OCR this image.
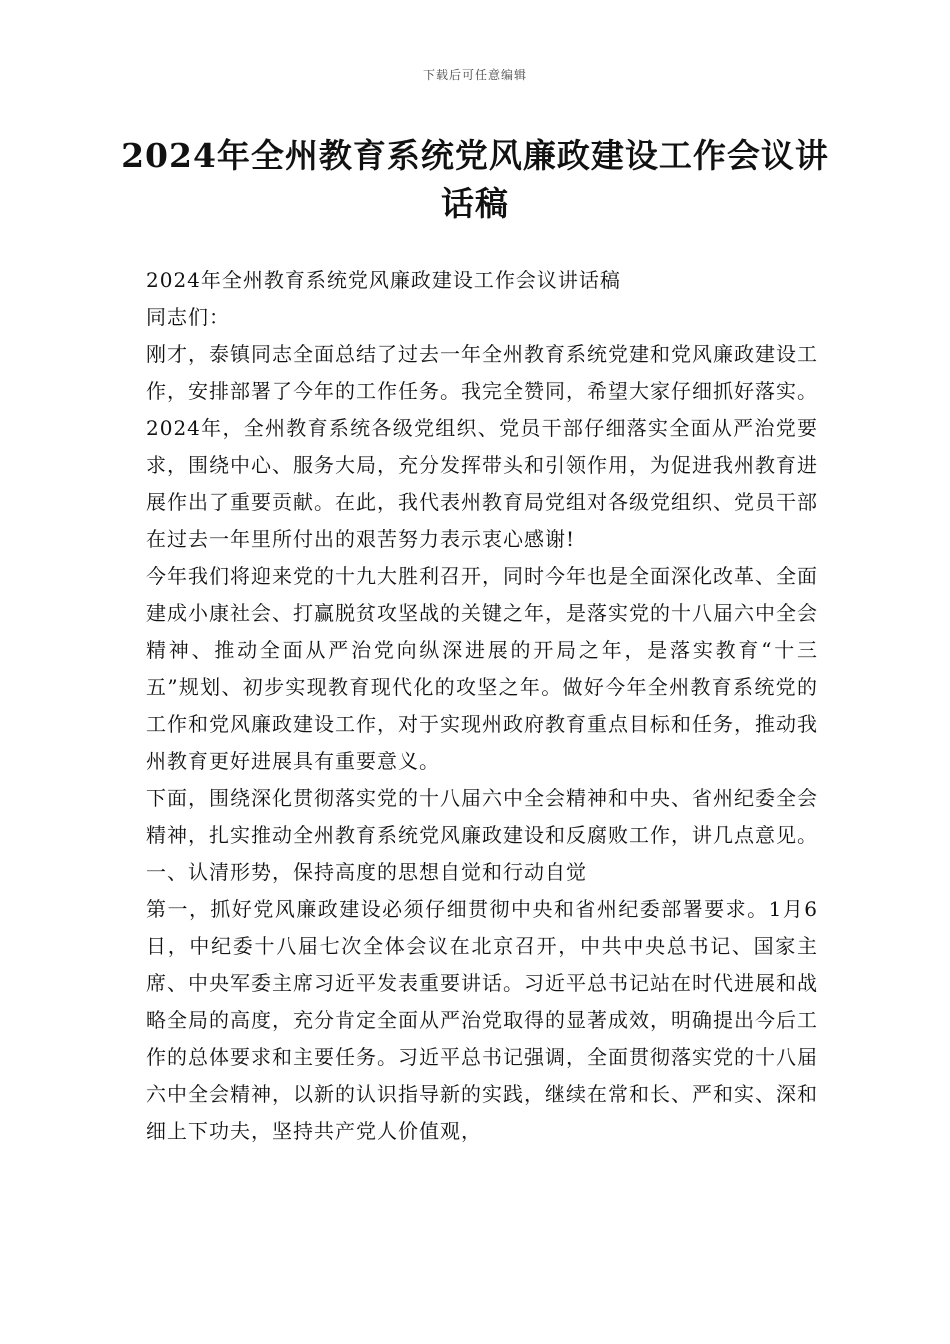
下载后可任意编辑
2024年全州教育系统党风廉政建设工作会议讲话稿

2024年全州教育系统党风廉政建设工作会议讲话稿

同志们：

刚才，泰镇同志全面总结了过去一年全州教育系统党建和党风廉政建设工作，安排部署了今年的工作任务。我完全赞同，希望大家仔细抓好落实。

2024年，全州教育系统各级党组织、党员干部仔细落实全面从严治党要求，围绕中心、服务大局，充分发挥带头和引领作用，为促进我州教育进展作出了重要贡献。在此，我代表州教育局党组对各级党组织、党员干部在过去一年里所付出的艰苦努力表示衷心感谢!

今年我们将迎来党的十九大胜利召开，同时今年也是全面深化改革、全面建成小康社会、打赢脱贫攻坚战的关键之年，是落实党的十八届六中全会精神、推动全面从严治党向纵深进展的开局之年，是落实教育“十三五”规划、初步实现教育现代化的攻坚之年。做好今年全州教育系统党的工作和党风廉政建设工作，对于实现州政府教育重点目标和任务，推动我州教育更好进展具有重要意义。

下面，围绕深化贯彻落实党的十八届六中全会精神和中央、省州纪委全会精神，扎实推动全州教育系统党风廉政建设和反腐败工作，讲几点意见。

一、认清形势，保持高度的思想自觉和行动自觉

第一，抓好党风廉政建设必须仔细贯彻中央和省州纪委部署要求。1月6日，中纪委十八届七次全体会议在北京召开，中共中央总书记、国家主席、中央军委主席习近平发表重要讲话。习近平总书记站在时代进展和战略全局的高度，充分肯定全面从严治党取得的显著成效，明确提出今后工作的总体要求和主要任务。习近平总书记强调，全面贯彻落实党的十八届六中全会精神，以新的认识指导新的实践，继续在常和长、严和实、深和细上下功夫，坚持共产党人价值观，
